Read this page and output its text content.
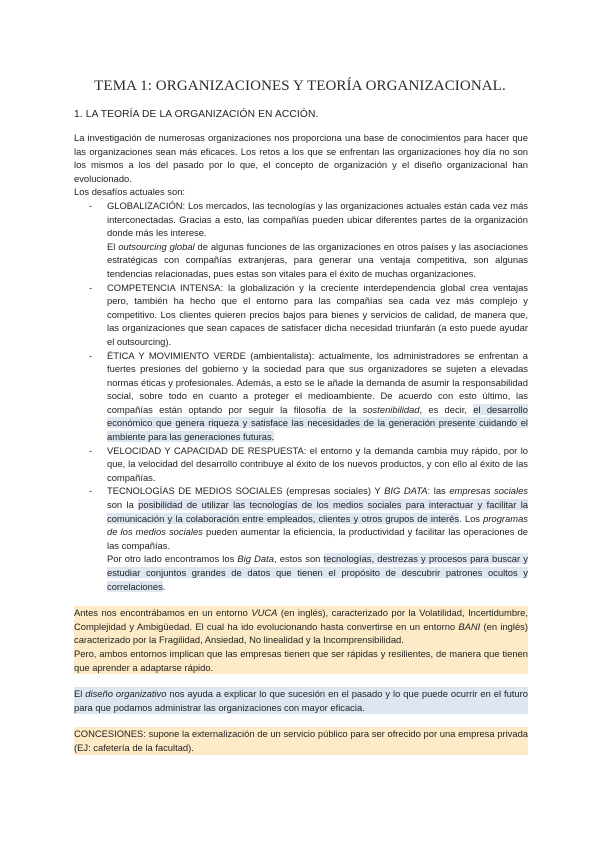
TEMA 1: ORGANIZACIONES Y TEORÍA ORGANIZACIONAL.
1. LA TEORÍA DE LA ORGANIZACIÓN EN ACCIÓN.

La investigación de numerosas organizaciones nos proporciona una base de conocimientos para hacer que las organizaciones sean más eficaces. Los retos a los que se enfrentan las organizaciones hoy día no son los mismos a los del pasado por lo que, el concepto de organización y el diseño organizacional han evolucionado.

Los desafíos actuales son:

- GLOBALIZACIÓN: Los mercados, las tecnologías y las organizaciones actuales están cada vez más interconectadas. Gracias a esto, las compañías pueden ubicar diferentes partes de la organización donde más les interese.
El outsourcing global de algunas funciones de las organizaciones en otros países y las asociaciones estratégicas con compañías extranjeras, para generar una ventaja competitiva, son algunas tendencias relacionadas, pues estas son vitales para el éxito de muchas organizaciones.
- COMPETENCIA INTENSA: la globalización y la creciente interdependencia global crea ventajas pero, también ha hecho que el entorno para las compañías sea cada vez más complejo y competitivo. Los clientes quieren precios bajos para bienes y servicios de calidad, de manera que, las organizaciones que sean capaces de satisfacer dicha necesidad triunfarán (a esto puede ayudar el outsourcing).
- ÉTICA Y MOVIMIENTO VERDE (ambientalista): actualmente, los administradores se enfrentan a fuertes presiones del gobierno y la sociedad para que sus organizadores se sujeten a elevadas normas éticas y profesionales. Además, a esto se le añade la demanda de asumir la responsabilidad social, sobre todo en cuanto a proteger el medioambiente. De acuerdo con esto último, las compañías están optando por seguir la filosofía de la sostenibilidad, es decir, el desarrollo económico que genera riqueza y satisface las necesidades de la generación presente cuidando el ambiente para las generaciones futuras.
- VELOCIDAD Y CAPACIDAD DE RESPUESTA: el entorno y la demanda cambia muy rápido, por lo que, la velocidad del desarrollo contribuye al éxito de los nuevos productos, y con ello al éxito de las compañías.
- TECNOLOGÍAS DE MEDIOS SOCIALES (empresas sociales) Y BIG DATA: las empresas sociales son la posibilidad de utilizar las tecnologías de los medios sociales para interactuar y facilitar la comunicación y la colaboración entre empleados, clientes y otros grupos de interés. Los programas de los medios sociales pueden aumentar la eficiencia, la productividad y facilitar las operaciones de las compañías.
Por otro lado encontramos los Big Data, estos son tecnologías, destrezas y procesos para buscar y estudiar conjuntos grandes de datos que tienen el propósito de descubrir patrones ocultos y correlaciones.

Antes nos encontrábamos en un entorno VUCA (en inglés), caracterizado por la Volatilidad, Incertidumbre, Complejidad y Ambigüedad. El cual ha ido evolucionando hasta convertirse en un entorno BANI (en inglés) caracterizado por la Fragilidad, Ansiedad, No linealidad y la Incomprensibilidad.

Pero, ambos entornos implican que las empresas tienen que ser rápidas y resilientes, de manera que tienen que aprender a adaptarse rápido.

El diseño organizativo nos ayuda a explicar lo que sucesión en el pasado y lo que puede ocurrir en el futuro para que podamos administrar las organizaciones con mayor eficacia.

CONCESIONES: supone la externalización de un servicio público para ser ofrecido por una empresa privada (EJ: cafetería de la facultad).
